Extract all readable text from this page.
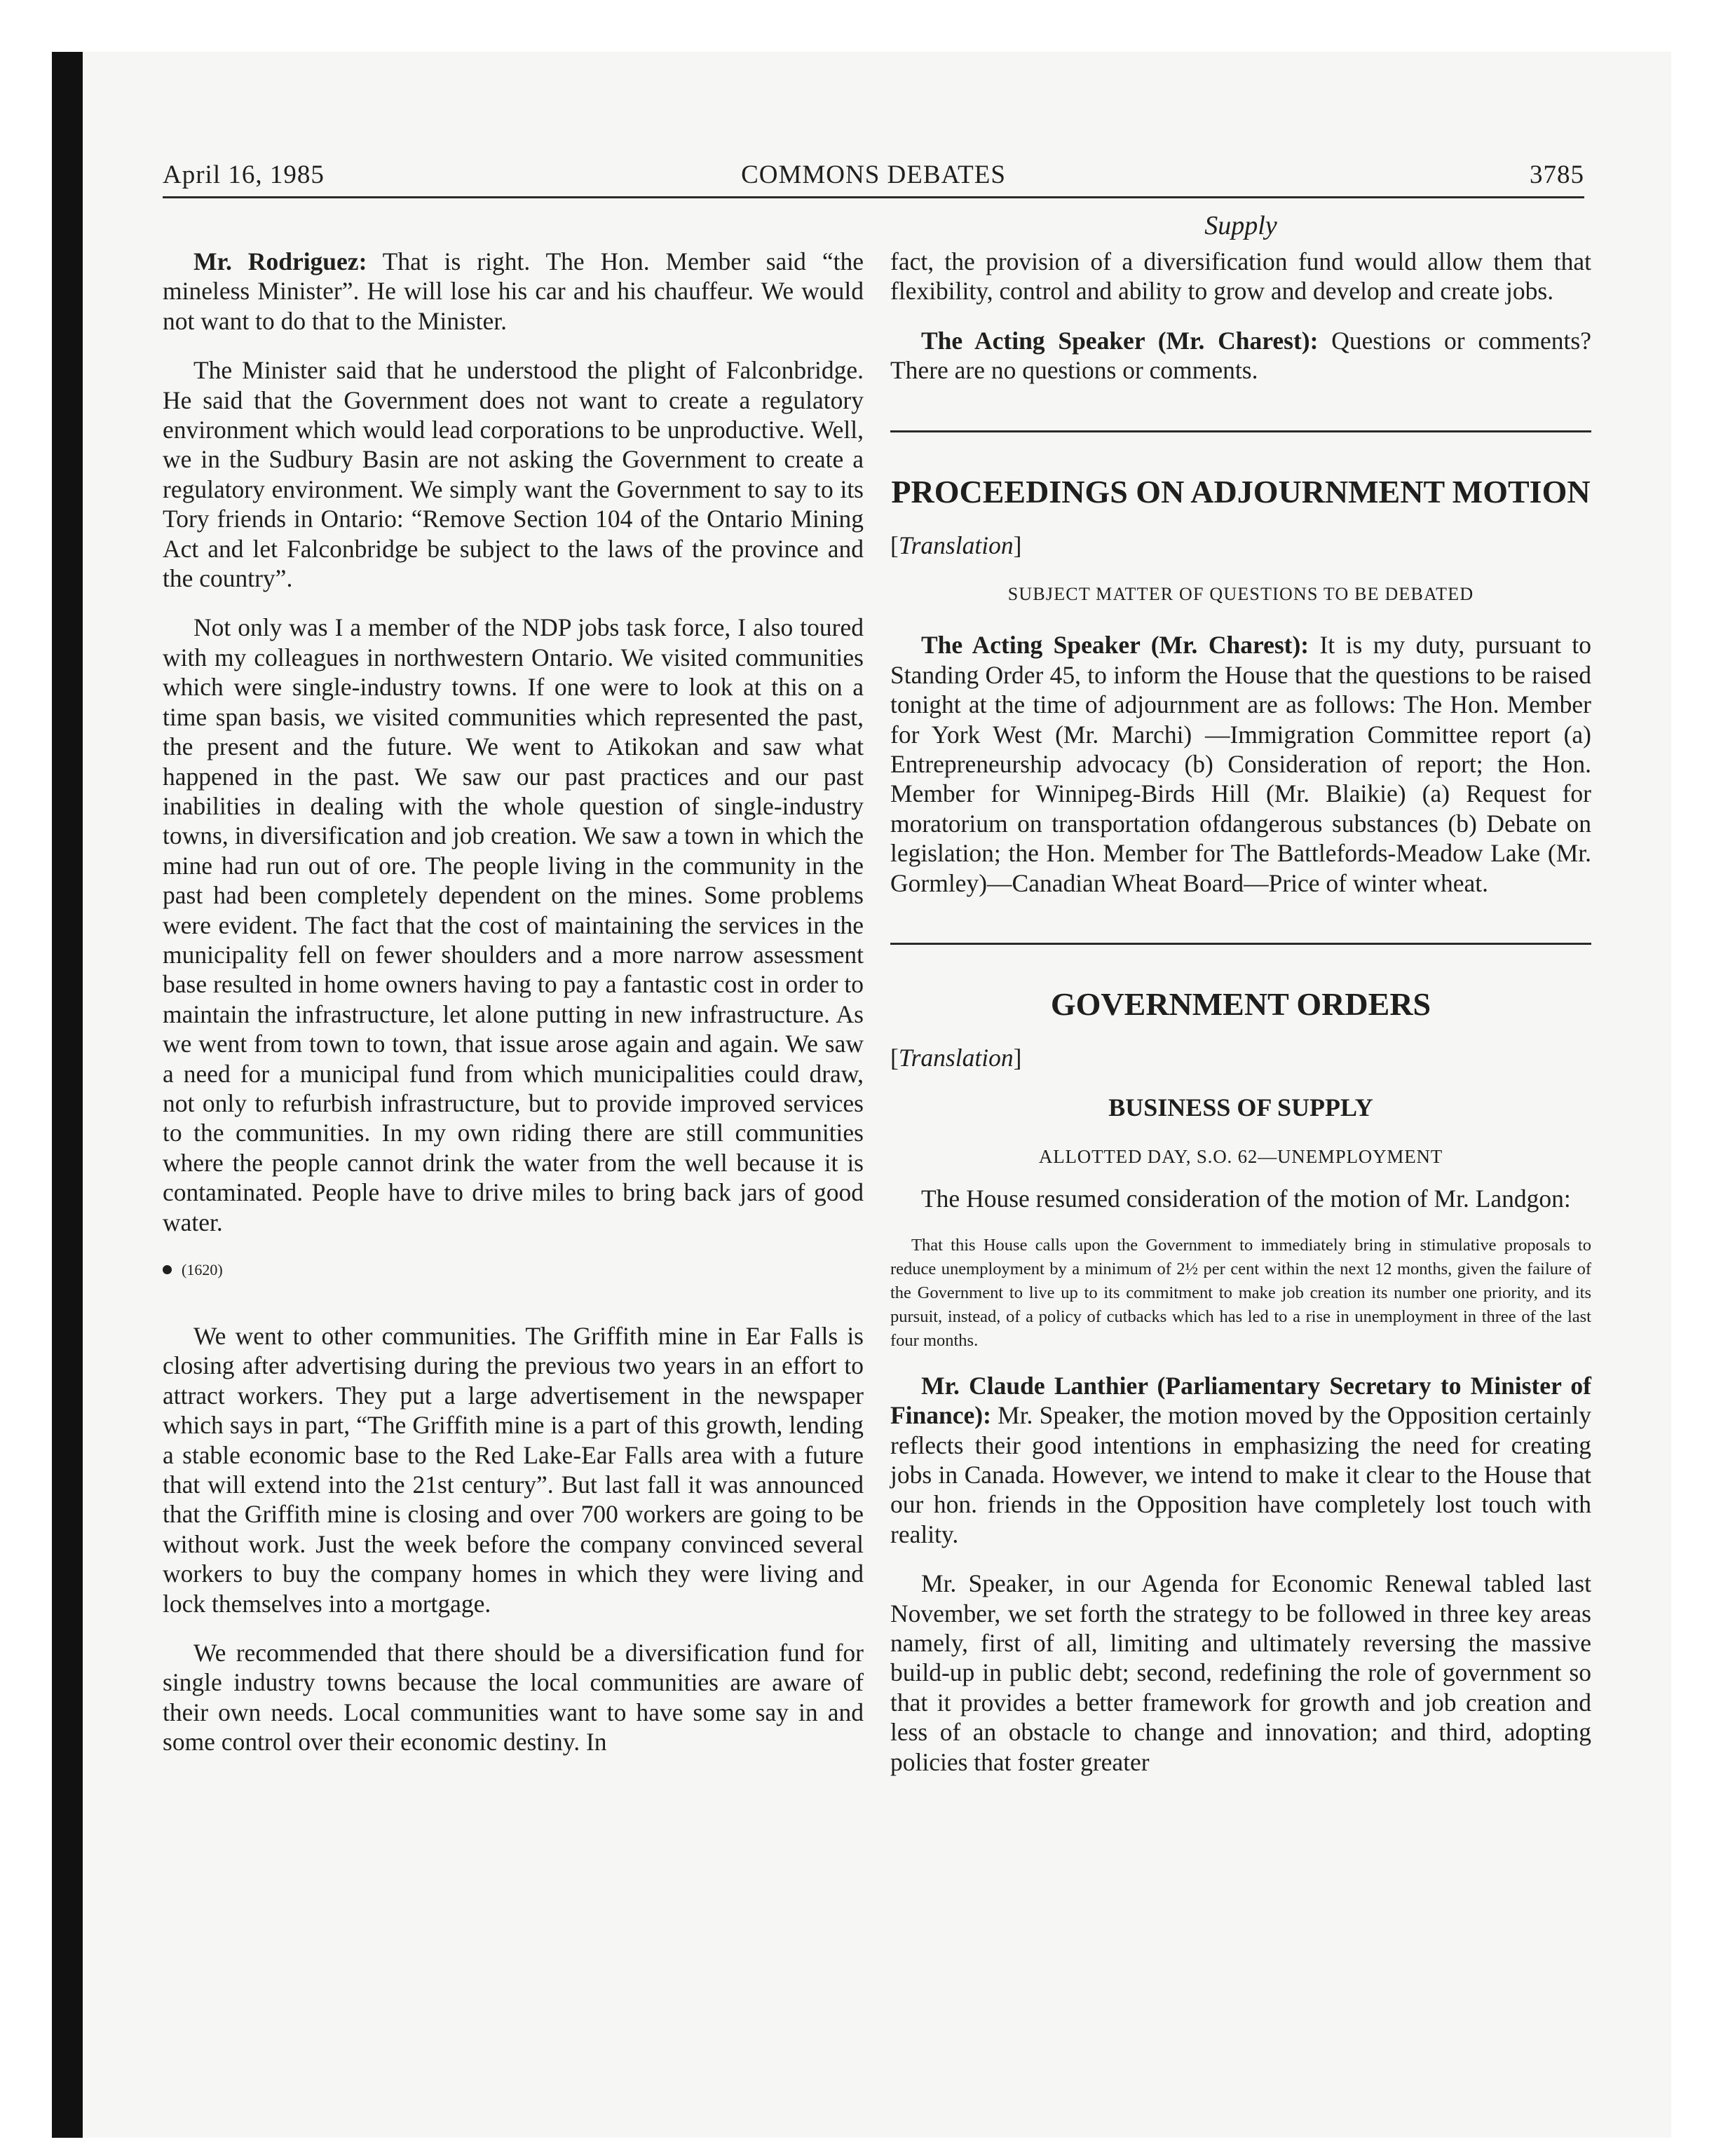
April 16, 1985	COMMONS DEBATES	3785
Supply

Mr. Rodriguez: That is right. The Hon. Member said “the mineless Minister”. He will lose his car and his chauffeur. We would not want to do that to the Minister.

The Minister said that he understood the plight of Falconbridge. He said that the Government does not want to create a regulatory environment which would lead corporations to be unproductive. Well, we in the Sudbury Basin are not asking the Government to create a regulatory environment. We simply want the Government to say to its Tory friends in Ontario: “Remove Section 104 of the Ontario Mining Act and let Falconbridge be subject to the laws of the province and the country”.

Not only was I a member of the NDP jobs task force, I also toured with my colleagues in northwestern Ontario. We visited communities which were single-industry towns. If one were to look at this on a time span basis, we visited communities which represented the past, the present and the future. We went to Atikokan and saw what happened in the past. We saw our past practices and our past inabilities in dealing with the whole question of single-industry towns, in diversification and job creation. We saw a town in which the mine had run out of ore. The people living in the community in the past had been completely dependent on the mines. Some problems were evident. The fact that the cost of maintaining the services in the municipality fell on fewer shoulders and a more narrow assessment base resulted in home owners having to pay a fantastic cost in order to maintain the infrastructure, let alone putting in new infrastructure. As we went from town to town, that issue arose again and again. We saw a need for a municipal fund from which municipalities could draw, not only to refurbish infrastructure, but to provide improved services to the communities. In my own riding there are still communities where the people cannot drink the water from the well because it is contaminated. People have to drive miles to bring back jars of good water.

(1620)

We went to other communities. The Griffith mine in Ear Falls is closing after advertising during the previous two years in an effort to attract workers. They put a large advertisement in the newspaper which says in part, “The Griffith mine is a part of this growth, lending a stable economic base to the Red Lake-Ear Falls area with a future that will extend into the 21st century”. But last fall it was announced that the Griffith mine is closing and over 700 workers are going to be without work. Just the week before the company convinced several workers to buy the company homes in which they were living and lock themselves into a mortgage.

We recommended that there should be a diversification fund for single industry towns because the local communities are aware of their own needs. Local communities want to have some say in and some control over their economic destiny. In

fact, the provision of a diversification fund would allow them that flexibility, control and ability to grow and develop and create jobs.

The Acting Speaker (Mr. Charest): Questions or comments? There are no questions or comments.

PROCEEDINGS ON ADJOURNMENT MOTION

[Translation]

SUBJECT MATTER OF QUESTIONS TO BE DEBATED

The Acting Speaker (Mr. Charest): It is my duty, pursuant to Standing Order 45, to inform the House that the questions to be raised tonight at the time of adjournment are as follows: The Hon. Member for York West (Mr. Marchi) —Immigration Committee report (a) Entrepreneurship advocacy (b) Consideration of report; the Hon. Member for Winnipeg-Birds Hill (Mr. Blaikie) (a) Request for moratorium on transportation ofdangerous substances (b) Debate on legislation; the Hon. Member for The Battlefords-Meadow Lake (Mr. Gormley)—Canadian Wheat Board—Price of winter wheat.

GOVERNMENT ORDERS

[Translation]

BUSINESS OF SUPPLY

ALLOTTED DAY, S.O. 62—UNEMPLOYMENT

The House resumed consideration of the motion of Mr. Landgon:

That this House calls upon the Government to immediately bring in stimulative proposals to reduce unemployment by a minimum of 2½ per cent within the next 12 months, given the failure of the Government to live up to its commitment to make job creation its number one priority, and its pursuit, instead, of a policy of cutbacks which has led to a rise in unemployment in three of the last four months.

Mr. Claude Lanthier (Parliamentary Secretary to Minister of Finance): Mr. Speaker, the motion moved by the Opposition certainly reflects their good intentions in emphasizing the need for creating jobs in Canada. However, we intend to make it clear to the House that our hon. friends in the Opposition have completely lost touch with reality.

Mr. Speaker, in our Agenda for Economic Renewal tabled last November, we set forth the strategy to be followed in three key areas namely, first of all, limiting and ultimately reversing the massive build-up in public debt; second, redefining the role of government so that it provides a better framework for growth and job creation and less of an obstacle to change and innovation; and third, adopting policies that foster greater
